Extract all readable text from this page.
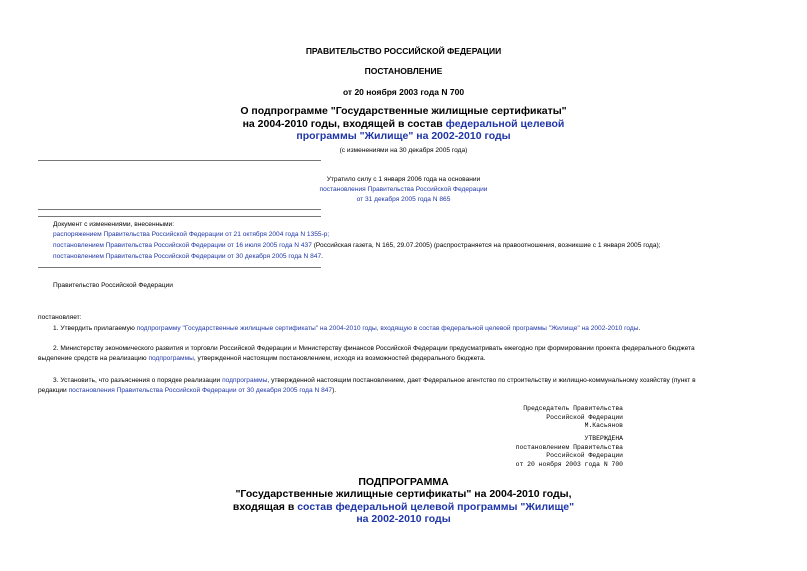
ПРАВИТЕЛЬСТВО РОССИЙСКОЙ ФЕДЕРАЦИИ
ПОСТАНОВЛЕНИЕ
от 20 ноября 2003 года N 700
О подпрограмме "Государственные жилищные сертификаты"
на 2004-2010 годы, входящей в состав федеральной целевой
программы "Жилище" на 2002-2010 годы
(с изменениями на 30 декабря 2005 года)
Утратило силу с 1 января 2006 года на основании
постановления Правительства Российской Федерации
от 31 декабря 2005 года N 865
Документ с изменениями, внесенными:
распоряжением Правительства Российской Федерации от 21 октября 2004 года N 1355-р;
постановлением Правительства Российской Федерации от 16 июля 2005 года N 437 (Российская газета, N 165, 29.07.2005) (распространяется на правоотношения, возникшие с 1 января 2005 года);
постановлением Правительства Российской Федерации от 30 декабря 2005 года N 847.
Правительство Российской Федерации
постановляет:
1. Утвердить прилагаемую подпрограмму "Государственные жилищные сертификаты" на 2004-2010 годы, входящую в состав федеральной целевой программы "Жилище" на 2002-2010 годы.
2. Министерству экономического развития и торговли Российской Федерации и Министерству финансов Российской Федерации предусматривать ежегодно при формировании проекта федерального бюджета
выделение средств на реализацию подпрограммы, утвержденной настоящим постановлением, исходя из возможностей федерального бюджета.
3. Установить, что разъяснения о порядке реализации подпрограммы, утвержденной настоящим постановлением, дает Федеральное агентство по строительству и жилищно-коммунальному хозяйству (пункт в
редакции постановления Правительства Российской Федерации от 30 декабря 2005 года N 847).
Председатель Правительства
Российской Федерации
М.Касьянов
УТВЕРЖДЕНА
постановлением Правительства
Российской Федерации
от 20 ноября 2003 года N 700
ПОДПРОГРАММА
"Государственные жилищные сертификаты" на 2004-2010 годы,
входящая в состав федеральной целевой программы "Жилище"
на 2002-2010 годы
